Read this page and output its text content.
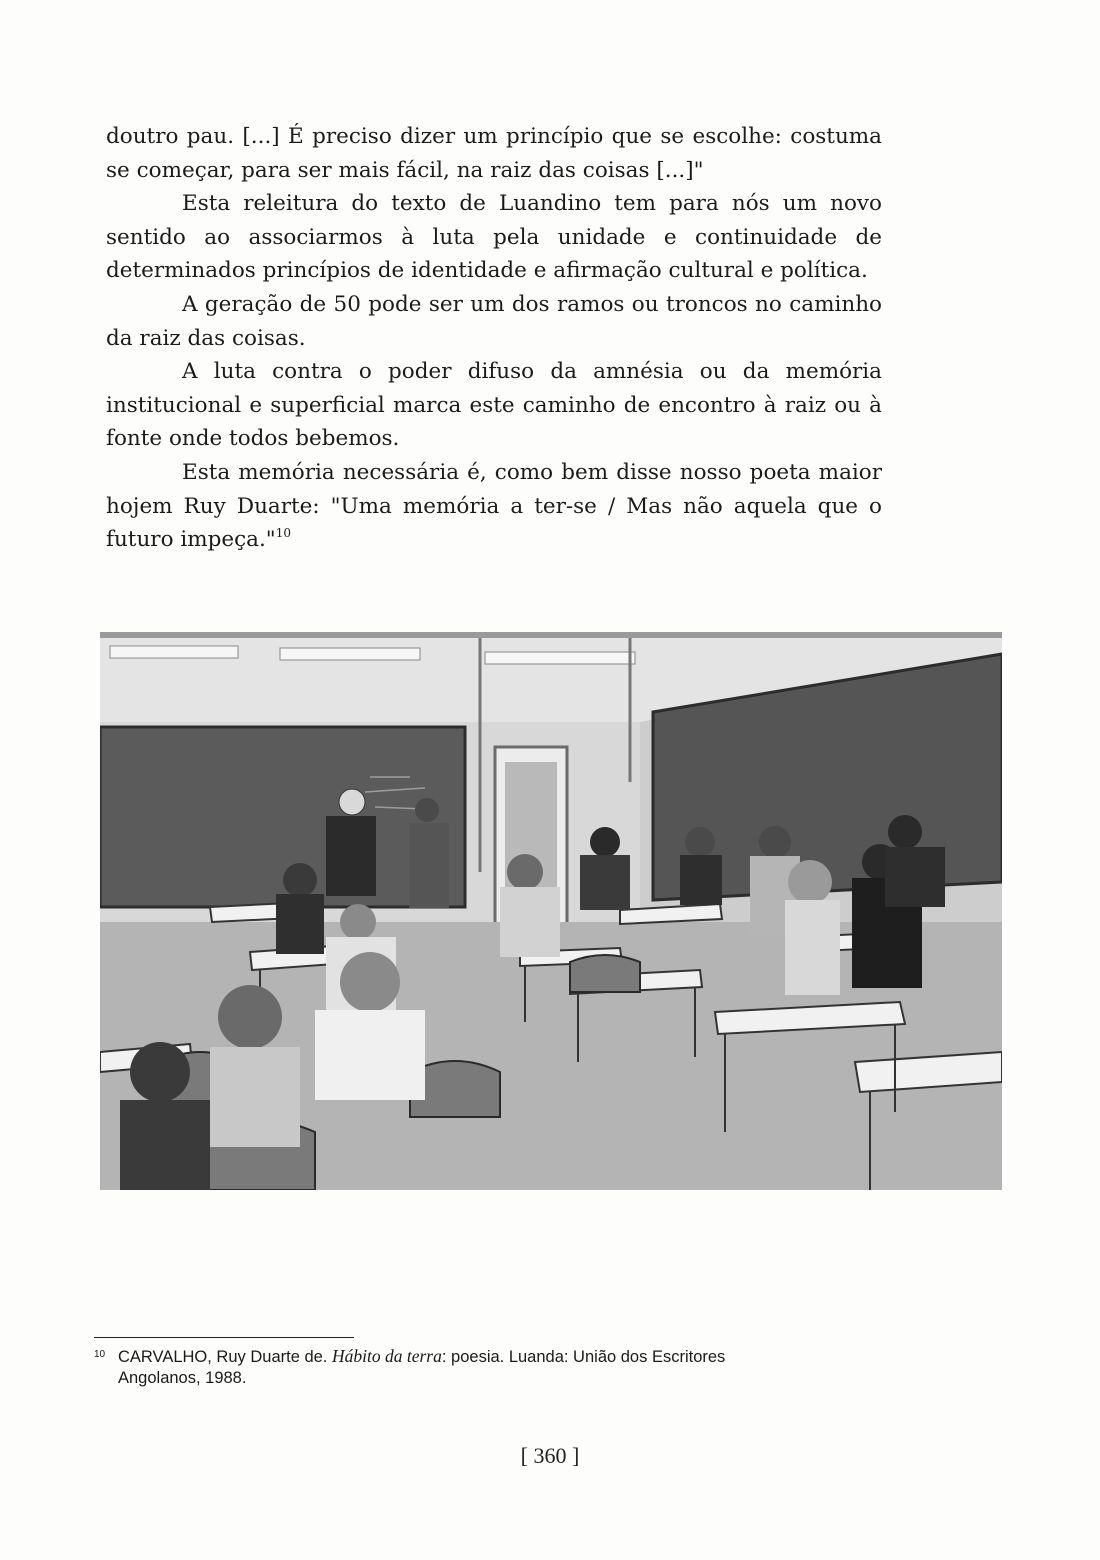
doutro pau. [...] É preciso dizer um princípio que se escolhe: costuma se começar, para ser mais fácil, na raiz das coisas [...]"

Esta releitura do texto de Luandino tem para nós um novo sentido ao associarmos à luta pela unidade e continuidade de determinados princípios de identidade e afirmação cultural e política.

A geração de 50 pode ser um dos ramos ou troncos no caminho da raiz das coisas.

A luta contra o poder difuso da amnésia ou da memória institucional e superficial marca este caminho de encontro à raiz ou à fonte onde todos bebemos.

Esta memória necessária é, como bem disse nosso poeta maior hojem Ruy Duarte: "Uma memória a ter-se / Mas não aquela que o futuro impeça."$^{10}$

10 CARVALHO, Ruy Duarte de. Hábito da terra: poesia. Luanda: União dos Escritores
Angolanos, 1988.
[ 360 ]
